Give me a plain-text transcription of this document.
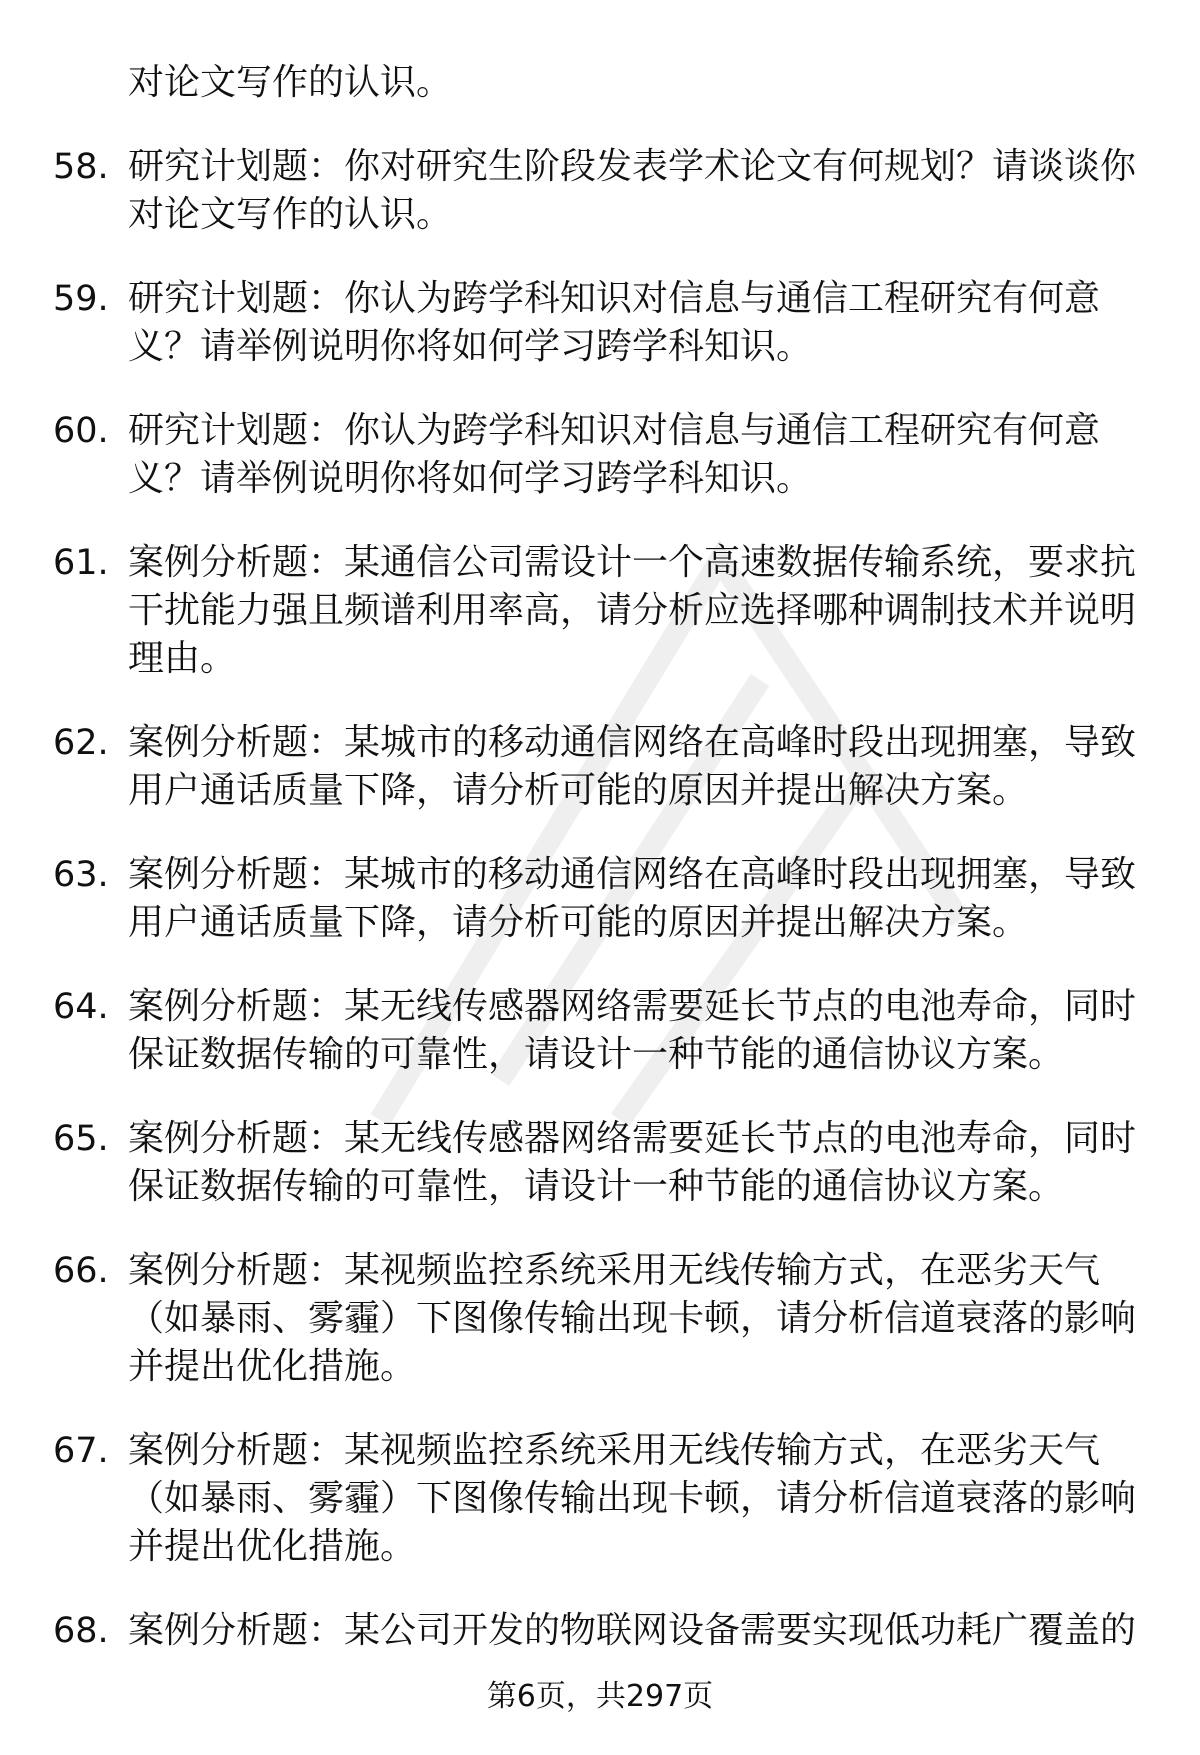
对论文写作的认识。
58. 研究计划题：你对研究生阶段发表学术论文有何规划？请谈谈你
对论文写作的认识。
59. 研究计划题：你认为跨学科知识对信息与通信工程研究有何意
义？请举例说明你将如何学习跨学科知识。
60. 研究计划题：你认为跨学科知识对信息与通信工程研究有何意
义？请举例说明你将如何学习跨学科知识。
61. 案例分析题：某通信公司需设计一个高速数据传输系统，要求抗
干扰能力强且频谱利用率高，请分析应选择哪种调制技术并说明
理由。
62. 案例分析题：某城市的移动通信网络在高峰时段出现拥塞，导致
用户通话质量下降，请分析可能的原因并提出解决方案。
63. 案例分析题：某城市的移动通信网络在高峰时段出现拥塞，导致
用户通话质量下降，请分析可能的原因并提出解决方案。
64. 案例分析题：某无线传感器网络需要延长节点的电池寿命，同时
保证数据传输的可靠性，请设计一种节能的通信协议方案。
65. 案例分析题：某无线传感器网络需要延长节点的电池寿命，同时
保证数据传输的可靠性，请设计一种节能的通信协议方案。
66. 案例分析题：某视频监控系统采用无线传输方式，在恶劣天气
（如暴雨、雾霾）下图像传输出现卡顿，请分析信道衰落的影响
并提出优化措施。
67. 案例分析题：某视频监控系统采用无线传输方式，在恶劣天气
（如暴雨、雾霾）下图像传输出现卡顿，请分析信道衰落的影响
并提出优化措施。
68. 案例分析题：某公司开发的物联网设备需要实现低功耗广覆盖的
第6页，共297页
